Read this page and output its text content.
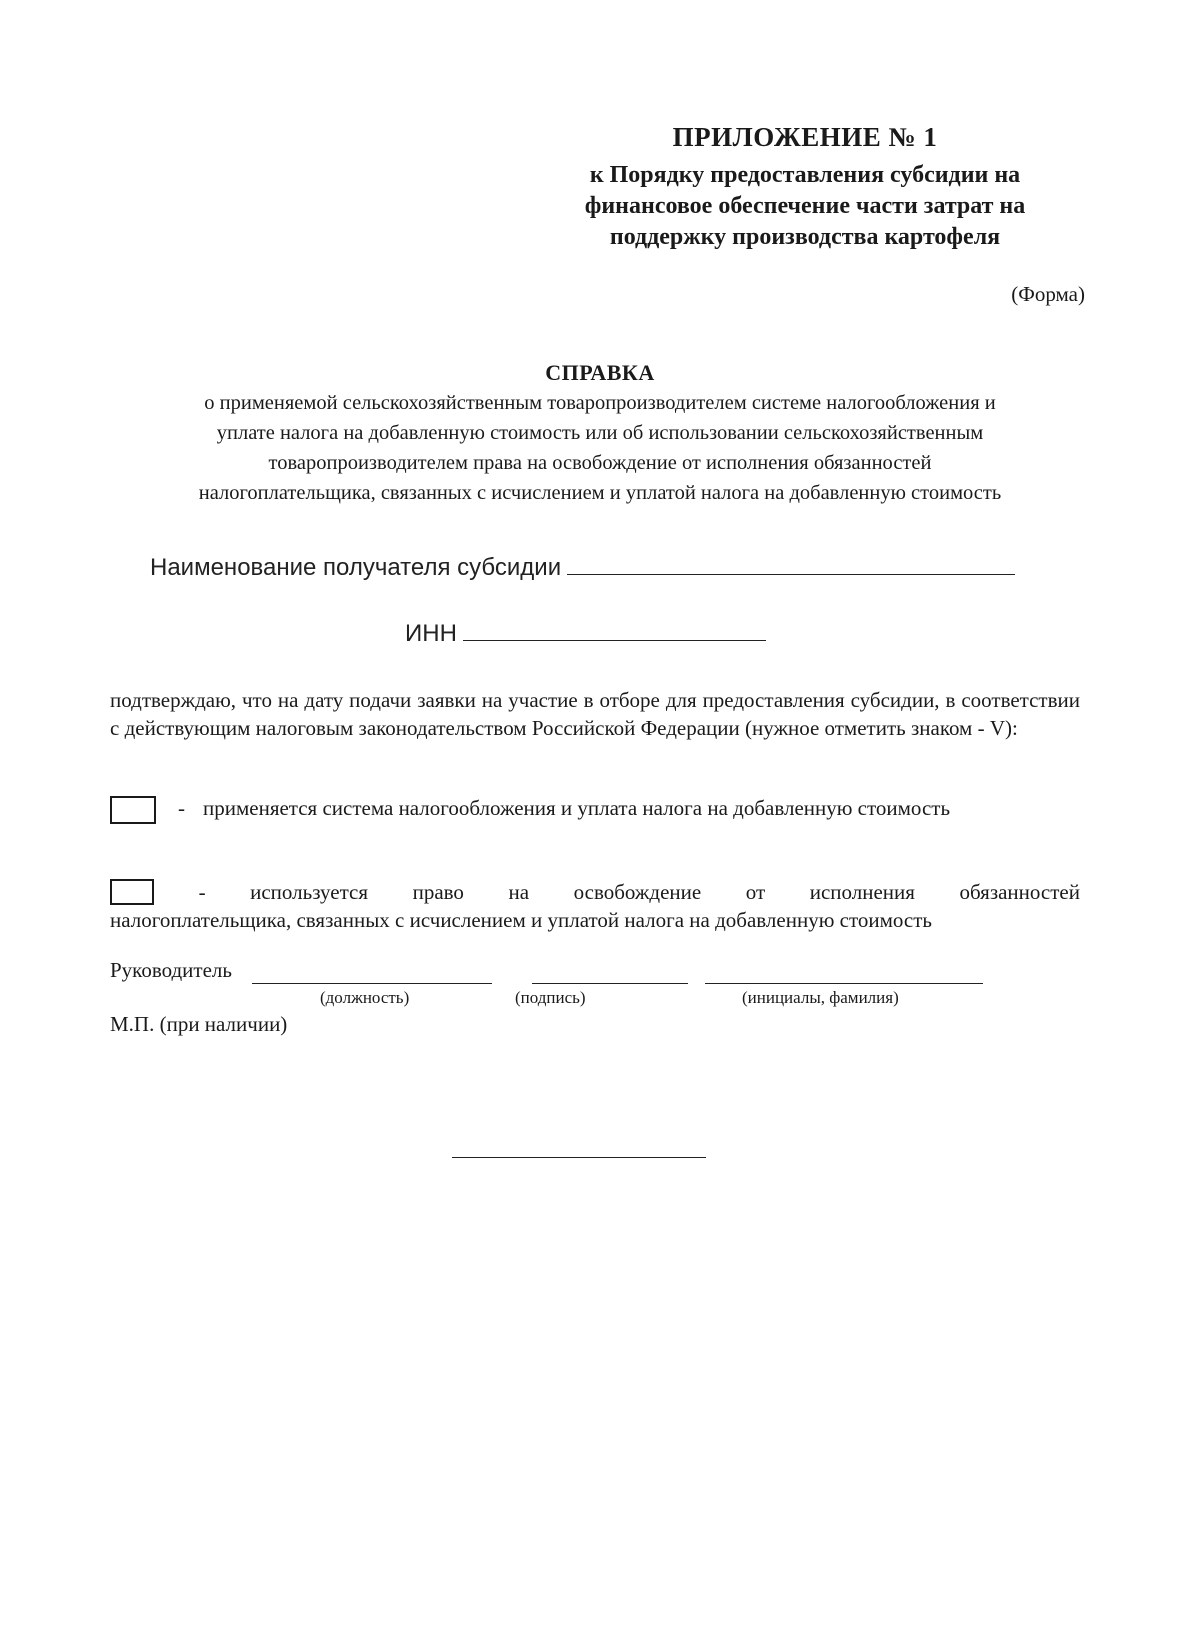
ПРИЛОЖЕНИЕ № 1
к Порядку предоставления субсидии на
финансовое обеспечение части затрат на
поддержку производства картофеля
(Форма)
СПРАВКА
о применяемой сельскохозяйственным товаропроизводителем системе налогообложения и
уплате налога на добавленную стоимость или об использовании сельскохозяйственным
товаропроизводителем права на освобождение от исполнения обязанностей
налогоплательщика, связанных с исчислением и уплатой налога на добавленную стоимость
Наименование получателя субсидии
ИНН
подтверждаю, что на дату подачи заявки на участие в отборе для предоставления субсидии, в соответствии с действующим налоговым законодательством Российской Федерации (нужное отметить знаком - V):
- применяется система налогообложения и уплата налога на добавленную стоимость
- используется право на освобождение от исполнения обязанностей
налогоплательщика, связанных с исчислением и уплатой налога на добавленную стоимость
Руководитель
(должность)	(подпись)	(инициалы, фамилия)
М.П. (при наличии)
